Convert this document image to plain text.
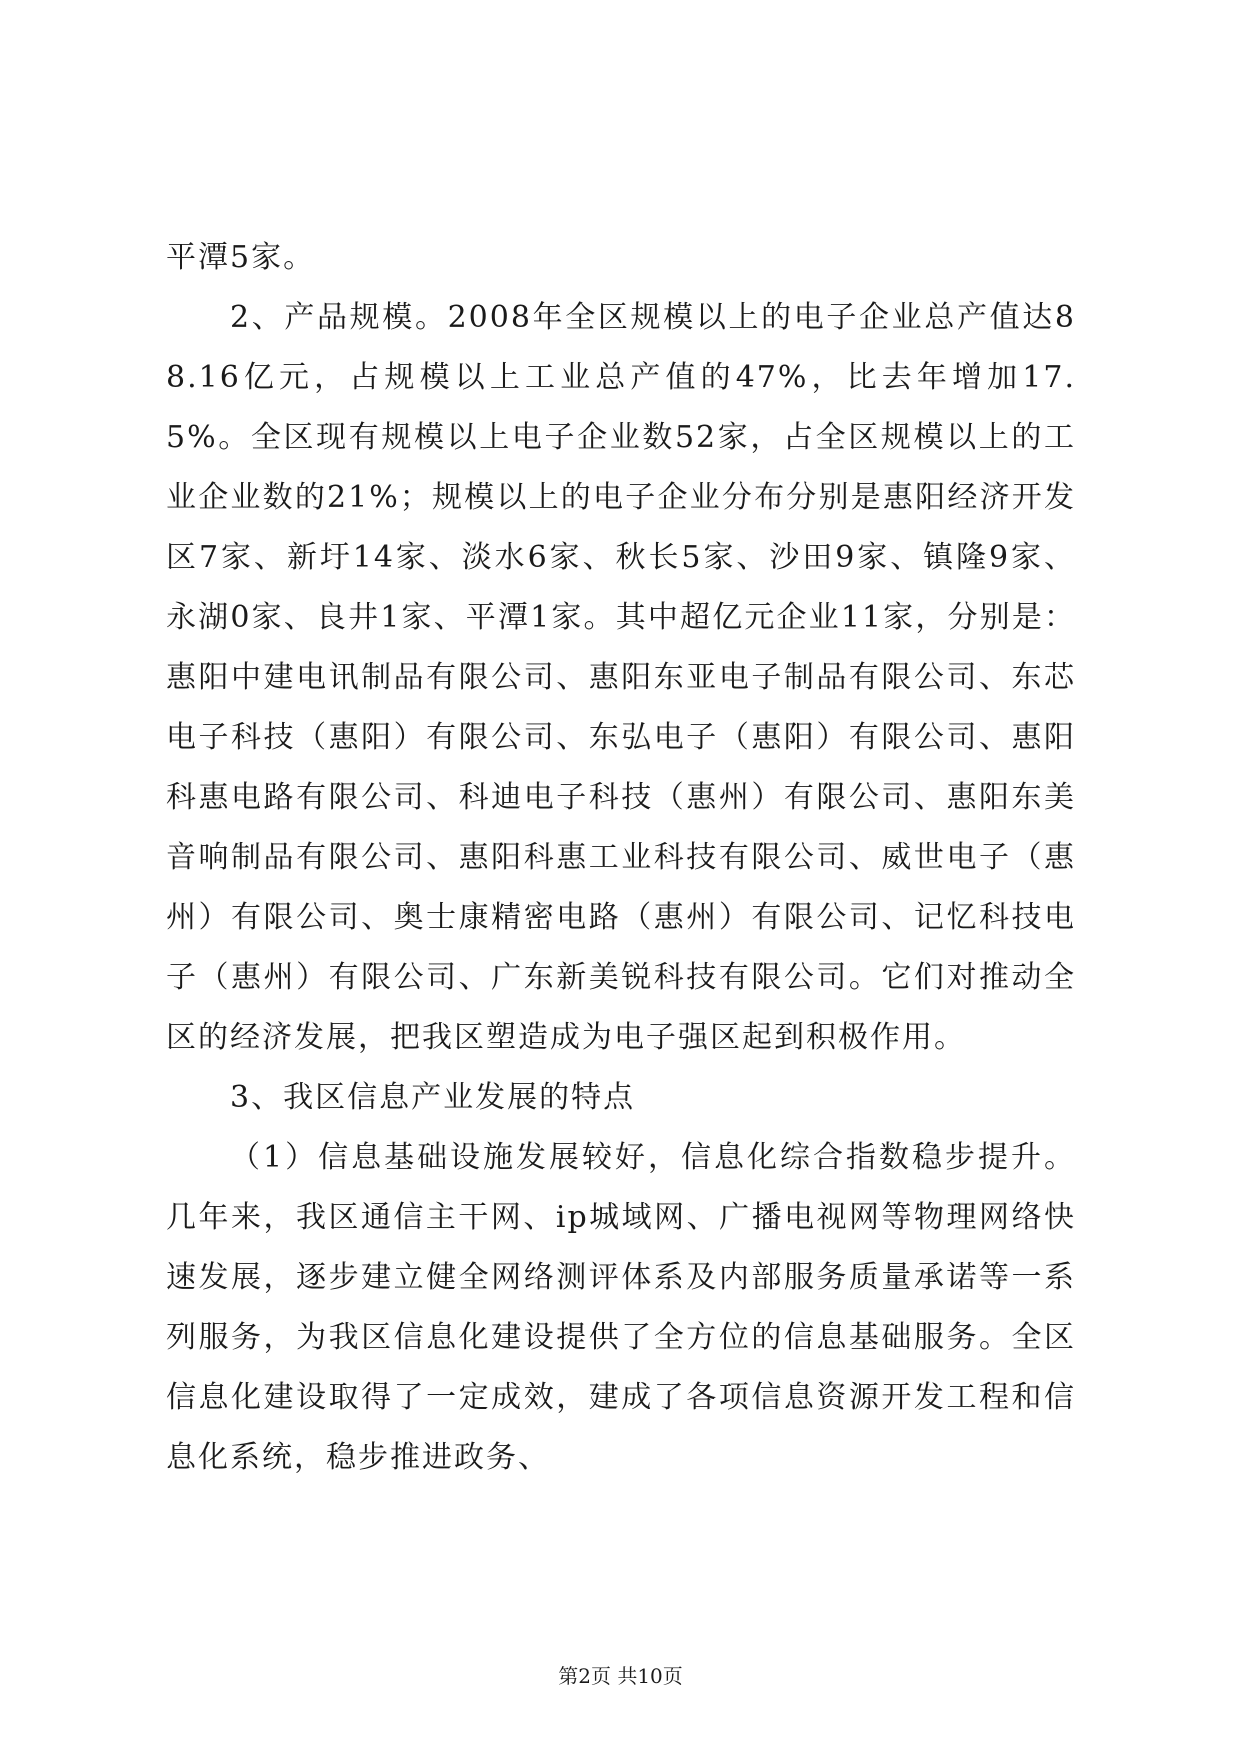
平潭5家。

2、产品规模。2008年全区规模以上的电子企业总产值达88.16亿元，占规模以上工业总产值的47%，比去年增加17.5%。全区现有规模以上电子企业数52家，占全区规模以上的工业企业数的21%；规模以上的电子企业分布分别是惠阳经济开发区7家、新圩14家、淡水6家、秋长5家、沙田9家、镇隆9家、永湖0家、良井1家、平潭1家。其中超亿元企业11家，分别是：惠阳中建电讯制品有限公司、惠阳东亚电子制品有限公司、东芯电子科技（惠阳）有限公司、东弘电子（惠阳）有限公司、惠阳科惠电路有限公司、科迪电子科技（惠州）有限公司、惠阳东美音响制品有限公司、惠阳科惠工业科技有限公司、威世电子（惠州）有限公司、奥士康精密电路（惠州）有限公司、记忆科技电子（惠州）有限公司、广东新美锐科技有限公司。它们对推动全区的经济发展，把我区塑造成为电子强区起到积极作用。

3、我区信息产业发展的特点

（1）信息基础设施发展较好，信息化综合指数稳步提升。几年来，我区通信主干网、ip城域网、广播电视网等物理网络快速发展，逐步建立健全网络测评体系及内部服务质量承诺等一系列服务，为我区信息化建设提供了全方位的信息基础服务。全区信息化建设取得了一定成效，建成了各项信息资源开发工程和信息化系统，稳步推进政务、

第2页 共10页
